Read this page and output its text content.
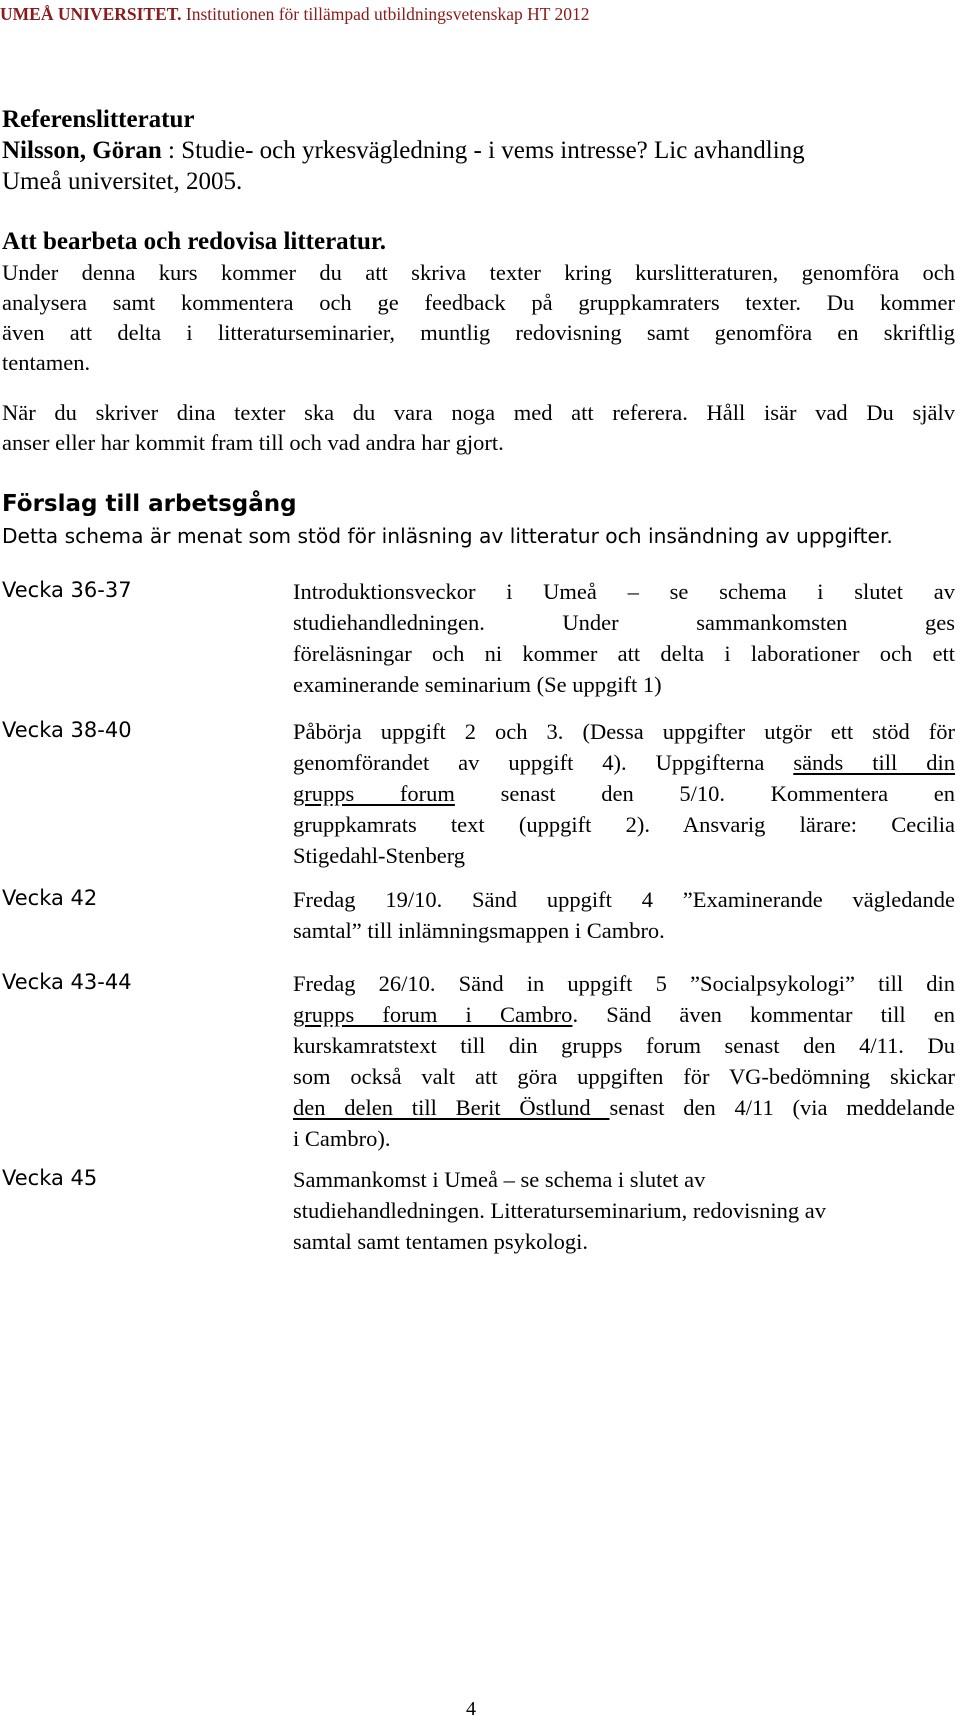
UMEÅ UNIVERSITET. Institutionen för tillämpad utbildningsvetenskap HT 2012
Referenslitteratur
Nilsson, Göran : Studie- och yrkesvägledning - i vems intresse? Lic avhandling
Umeå universitet, 2005.
Att bearbeta och redovisa litteratur.
Under denna kurs kommer du att skriva texter kring kurslitteraturen, genomföra och
analysera samt kommentera och ge feedback på gruppkamraters texter. Du kommer
även att delta i litteraturseminarier, muntlig redovisning samt genomföra en skriftlig
tentamen.
När du skriver dina texter ska du vara noga med att referera. Håll isär vad Du själv
anser eller har kommit fram till och vad andra har gjort.
Förslag till arbetsgång
Detta schema är menat som stöd för inläsning av litteratur och insändning av uppgifter.
Vecka 36-37	Introduktionsveckor i Umeå – se schema i slutet av
studiehandledningen. Under sammankomsten ges
föreläsningar och ni kommer att delta i laborationer och ett
examinerande seminarium (Se uppgift 1)
Vecka 38-40	Påbörja uppgift 2 och 3. (Dessa uppgifter utgör ett stöd för
genomförandet av uppgift 4). Uppgifterna sänds till din
grupps forum senast den 5/10. Kommentera en
gruppkamrats text (uppgift 2). Ansvarig lärare: Cecilia
Stigedahl-Stenberg
Vecka 42	Fredag 19/10. Sänd uppgift 4 ”Examinerande vägledande
samtal” till inlämningsmappen i Cambro.
Vecka 43-44	Fredag 26/10. Sänd in uppgift 5 ”Socialpsykologi” till din
grupps forum i Cambro. Sänd även kommentar till en
kurskamratstext till din grupps forum senast den 4/11. Du
som också valt att göra uppgiften för VG-bedömning skickar
den delen till Berit Östlund senast den 4/11 (via meddelande
i Cambro).
Vecka 45	Sammankomst i Umeå – se schema i slutet av
studiehandledningen. Litteraturseminarium, redovisning av
samtal samt tentamen psykologi.
4
